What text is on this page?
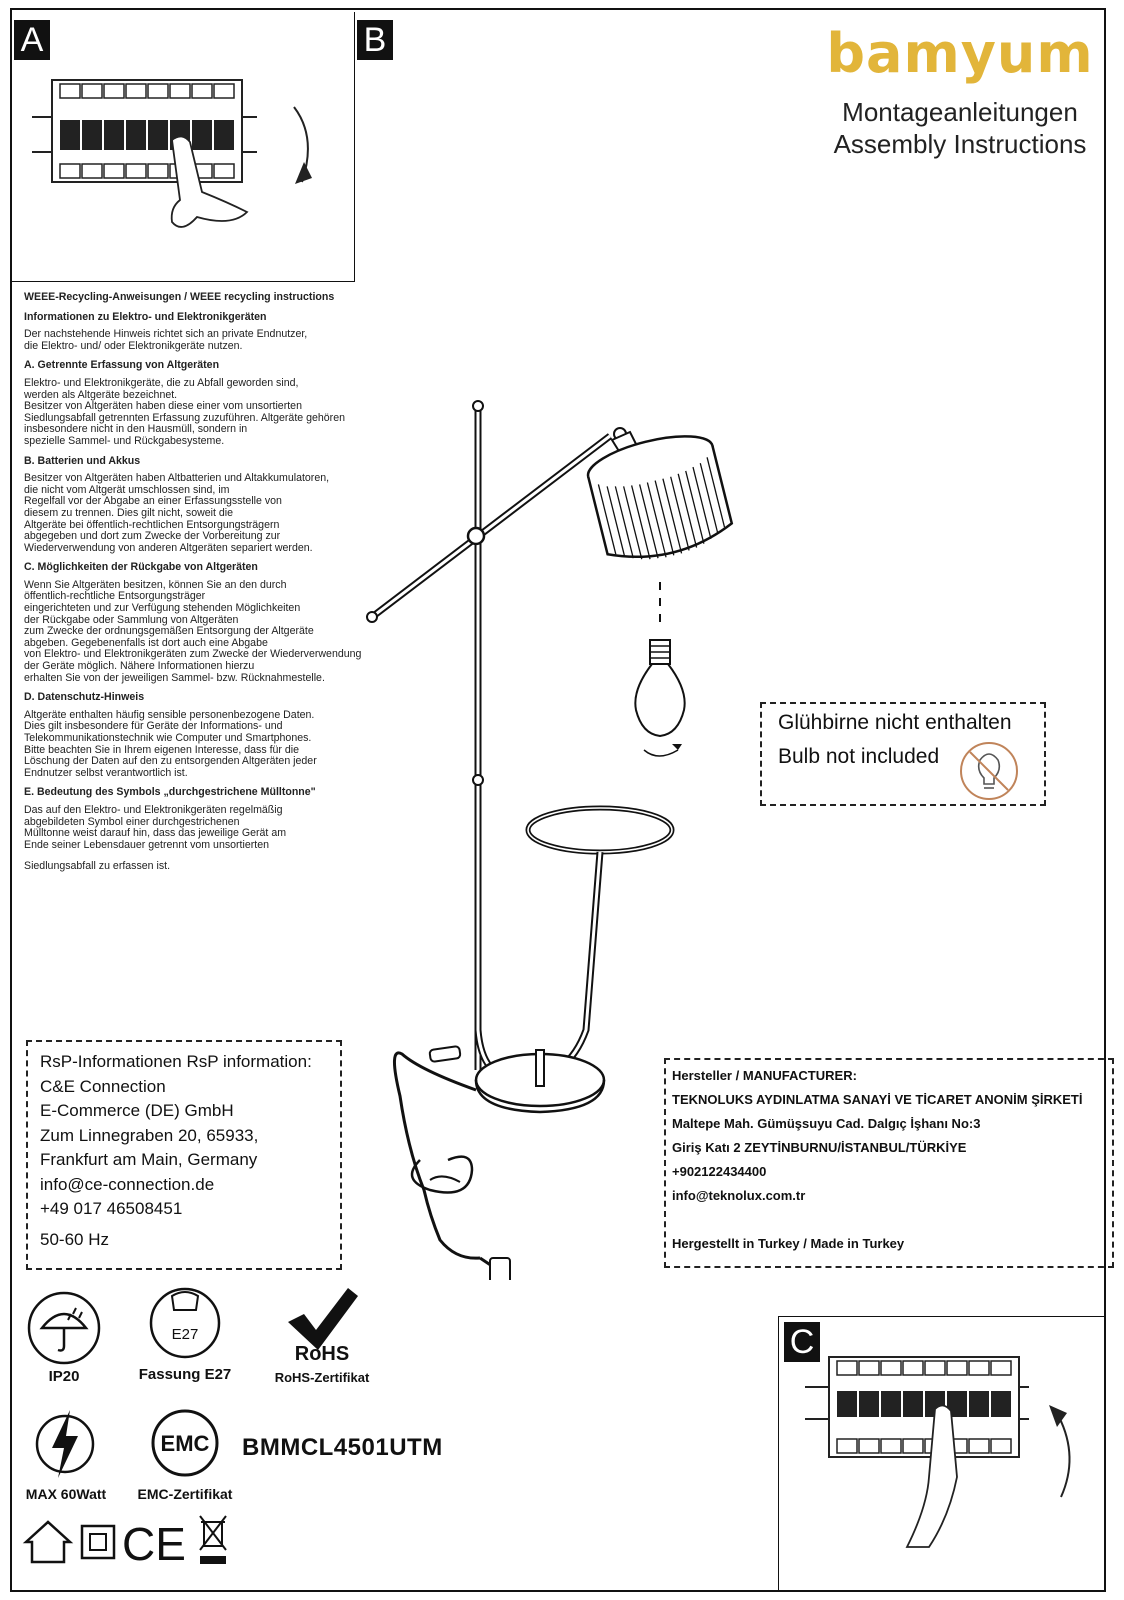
A	B	bamyum
Montageanleitungen
Assembly Instructions
WEEE-Recycling-Anweisungen / WEEE recycling instructions
Informationen zu Elektro- und Elektronikgeräten
Der nachstehende Hinweis richtet sich an private Endnutzer,
die Elektro- und/ oder Elektronikgeräte nutzen.
A. Getrennte Erfassung von Altgeräten
Elektro- und Elektronikgeräte, die zu Abfall geworden sind,
werden als Altgeräte bezeichnet.
Besitzer von Altgeräten haben diese einer vom unsortierten
Siedlungsabfall getrennten Erfassung zuzuführen. Altgeräte gehören
insbesondere nicht in den Hausmüll, sondern in
spezielle Sammel- und Rückgabesysteme.
B. Batterien und Akkus
Besitzer von Altgeräten haben Altbatterien und Altakkumulatoren,
die nicht vom Altgerät umschlossen sind, im
Regelfall vor der Abgabe an einer Erfassungsstelle von
diesem zu trennen. Dies gilt nicht, soweit die
Altgeräte bei öffentlich-rechtlichen Entsorgungsträgern
abgegeben und dort zum Zwecke der Vorbereitung zur
Wiederverwendung von anderen Altgeräten separiert werden.
C. Möglichkeiten der Rückgabe von Altgeräten
Wenn Sie Altgeräten besitzen, können Sie an den durch
öffentlich-rechtliche Entsorgungsträger
eingerichteten und zur Verfügung stehenden Möglichkeiten
der Rückgabe oder Sammlung von Altgeräten
zum Zwecke der ordnungsgemäßen Entsorgung der Altgeräte
abgeben. Gegebenenfalls ist dort auch eine Abgabe
von Elektro- und Elektronikgeräten zum Zwecke der Wiederverwendung
der Geräte möglich. Nähere Informationen hierzu
erhalten Sie von der jeweiligen Sammel- bzw. Rücknahmestelle.
D. Datenschutz-Hinweis
Altgeräte enthalten häufig sensible personenbezogene Daten.
Dies gilt insbesondere für Geräte der Informations- und
Telekommunikationstechnik wie Computer und Smartphones.
Bitte beachten Sie in Ihrem eigenen Interesse, dass für die
Löschung der Daten auf den zu entsorgenden Altgeräten jeder
Endnutzer selbst verantwortlich ist.
E. Bedeutung des Symbols „durchgestrichene Mülltonne"
Das auf den Elektro- und Elektronikgeräten regelmäßig
abgebildeten Symbol einer durchgestrichenen
Mülltonne weist darauf hin, dass das jeweilige Gerät am
Ende seiner Lebensdauer getrennt vom unsortierten
Siedlungsabfall zu erfassen ist.
Glühbirne nicht enthalten
Bulb not included
RsP-Informationen RsP information:
C&E Connection
E-Commerce (DE) GmbH
Zum Linnegraben 20, 65933,
Frankfurt am Main, Germany
info@ce-connection.de
+49 017 46508451
50-60 Hz
Hersteller / MANUFACTURER:
TEKNOLUKS AYDINLATMA SANAYİ VE TİCARET ANONİM ŞİRKETİ
Maltepe Mah. Gümüşsuyu Cad. Dalgıç İşhanı No:3
Giriş Katı 2 ZEYTİNBURNU/İSTANBUL/TÜRKİYE
+902122434400
info@teknolux.com.tr
Hergestellt in Turkey / Made in Turkey
IP20
E27
Fassung E27
RoHS
RoHS-Zertifikat
MAX 60Watt
EMC
EMC-Zertifikat
BMMCL4501UTM
CE
C
